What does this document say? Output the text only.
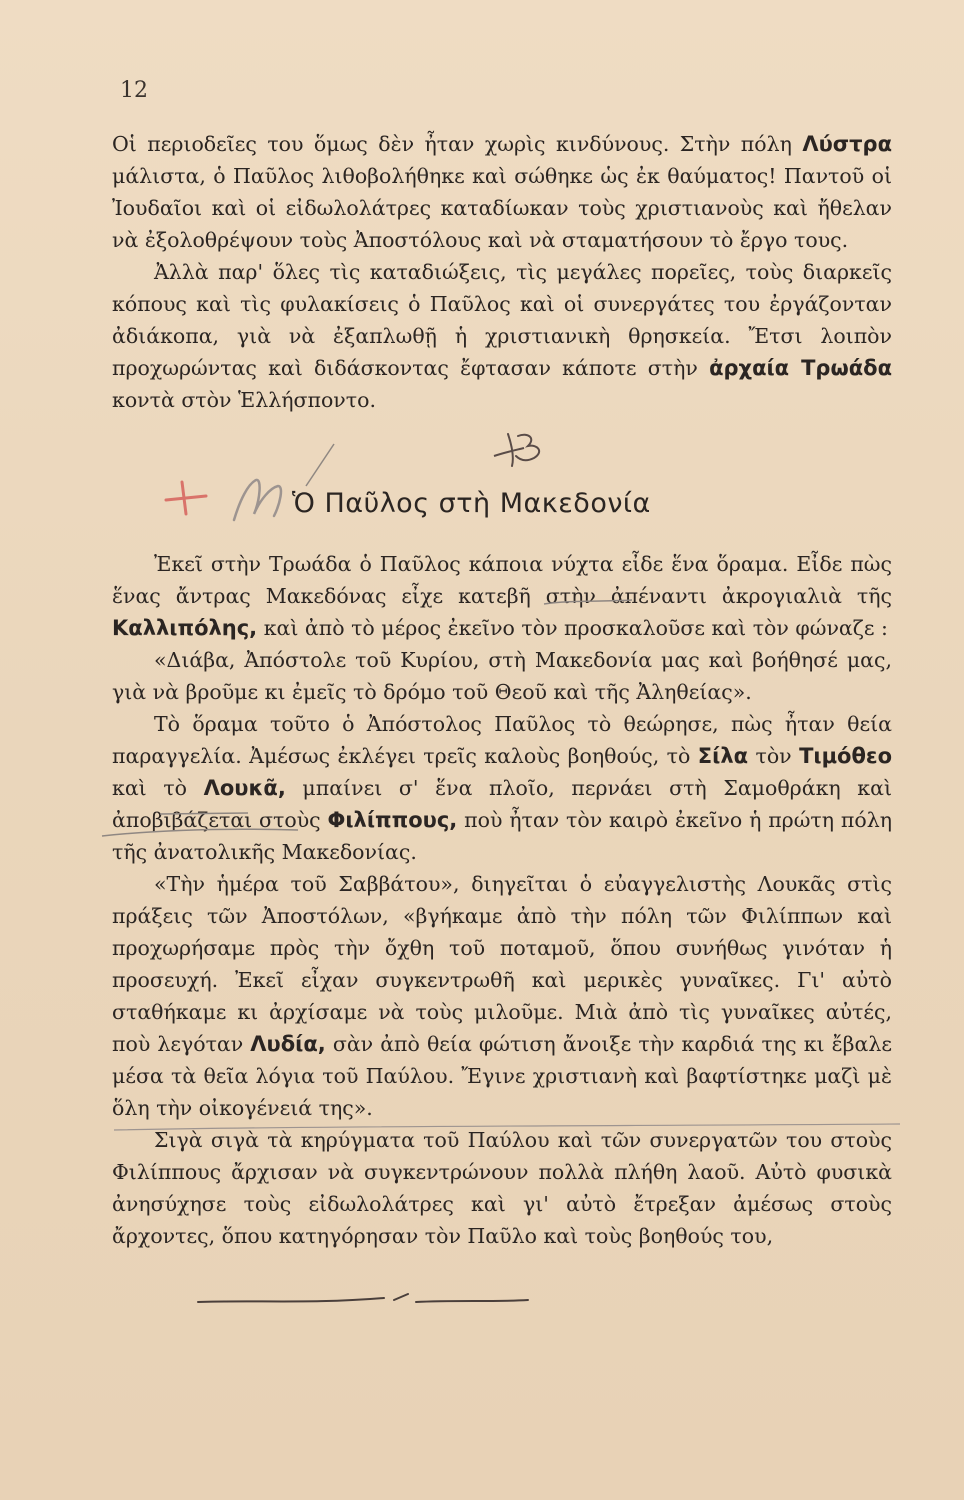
12

Οἱ περιοδεῖες του ὅμως δὲν ἦταν χωρὶς κινδύνους. Στὴν πόλη Λύστρα μάλιστα, ὁ Παῦλος λιθοβολήθηκε καὶ σώθηκε ὡς ἐκ θαύματος! Παντοῦ οἱ Ἰουδαῖοι καὶ οἱ εἰδωλολάτρες καταδίωκαν τοὺς χριστιανοὺς καὶ ἤθελαν νὰ ἐξολοθρέψουν τοὺς Ἀποστόλους καὶ νὰ σταματήσουν τὸ ἔργο τους.

Ἀλλὰ παρ' ὅλες τὶς καταδιώξεις, τὶς μεγάλες πορεῖες, τοὺς διαρκεῖς κόπους καὶ τὶς φυλακίσεις ὁ Παῦλος καὶ οἱ συνεργάτες του ἐργάζονταν ἀδιάκοπα, γιὰ νὰ ἐξαπλωθῇ ἡ χριστιανικὴ θρησκεία. Ἔτσι λοιπὸν προχωρώντας καὶ διδάσκοντας ἔφτασαν κάποτε στὴν ἀρχαία Τρωάδα κοντὰ στὸν Ἑλλήσποντο.

Ὁ Παῦλος στὴ Μακεδονία

Ἐκεῖ στὴν Τρωάδα ὁ Παῦλος κάποια νύχτα εἶδε ἕνα ὅραμα. Εἶδε πὼς ἕνας ἄντρας Μακεδόνας εἶχε κατεβῆ στὴν ἀπέναντι ἀκρογιαλιὰ τῆς Καλλιπόλης, καὶ ἀπὸ τὸ μέρος ἐκεῖνο τὸν προσκαλοῦσε καὶ τὸν φώναζε :

«Διάβα, Ἀπόστολε τοῦ Κυρίου, στὴ Μακεδονία μας καὶ βοήθησέ μας, γιὰ νὰ βροῦμε κι ἐμεῖς τὸ δρόμο τοῦ Θεοῦ καὶ τῆς Ἀληθείας».

Τὸ ὅραμα τοῦτο ὁ Ἀπόστολος Παῦλος τὸ θεώρησε, πὼς ἦταν θεία παραγγελία. Ἀμέσως ἐκλέγει τρεῖς καλοὺς βοηθούς, τὸ Σίλα τὸν Τιμόθεο καὶ τὸ Λουκᾶ, μπαίνει σ' ἕνα πλοῖο, περνάει στὴ Σαμοθράκη καὶ ἀποβιβάζεται στοὺς Φιλίππους, ποὺ ἦταν τὸν καιρὸ ἐκεῖνο ἡ πρώτη πόλη τῆς ἀνατολικῆς Μακεδονίας.

«Τὴν ἡμέρα τοῦ Σαββάτου», διηγεῖται ὁ εὐαγγελιστὴς Λουκᾶς στὶς πράξεις τῶν Ἀποστόλων, «βγήκαμε ἀπὸ τὴν πόλη τῶν Φιλίππων καὶ προχωρήσαμε πρὸς τὴν ὄχθη τοῦ ποταμοῦ, ὅπου συνήθως γινόταν ἡ προσευχή. Ἐκεῖ εἶχαν συγκεντρωθῆ καὶ μερικὲς γυναῖκες. Γι' αὐτὸ σταθήκαμε κι ἀρχίσαμε νὰ τοὺς μιλοῦμε. Μιὰ ἀπὸ τὶς γυναῖκες αὐτές, ποὺ λεγόταν Λυδία, σὰν ἀπὸ θεία φώτιση ἄνοιξε τὴν καρδιά της κι ἔβαλε μέσα τὰ θεῖα λόγια τοῦ Παύλου. Ἔγινε χριστιανὴ καὶ βαφτίστηκε μαζὶ μὲ ὅλη τὴν οἰκογένειά της».

Σιγὰ σιγὰ τὰ κηρύγματα τοῦ Παύλου καὶ τῶν συνεργατῶν του στοὺς Φιλίππους ἄρχισαν νὰ συγκεντρώνουν πολλὰ πλήθη λαοῦ. Αὐτὸ φυσικὰ ἀνησύχησε τοὺς εἰδωλολάτρες καὶ γι' αὐτὸ ἔτρεξαν ἀμέσως στοὺς ἄρχοντες, ὅπου κατηγόρησαν τὸν Παῦλο καὶ τοὺς βοηθούς του,
